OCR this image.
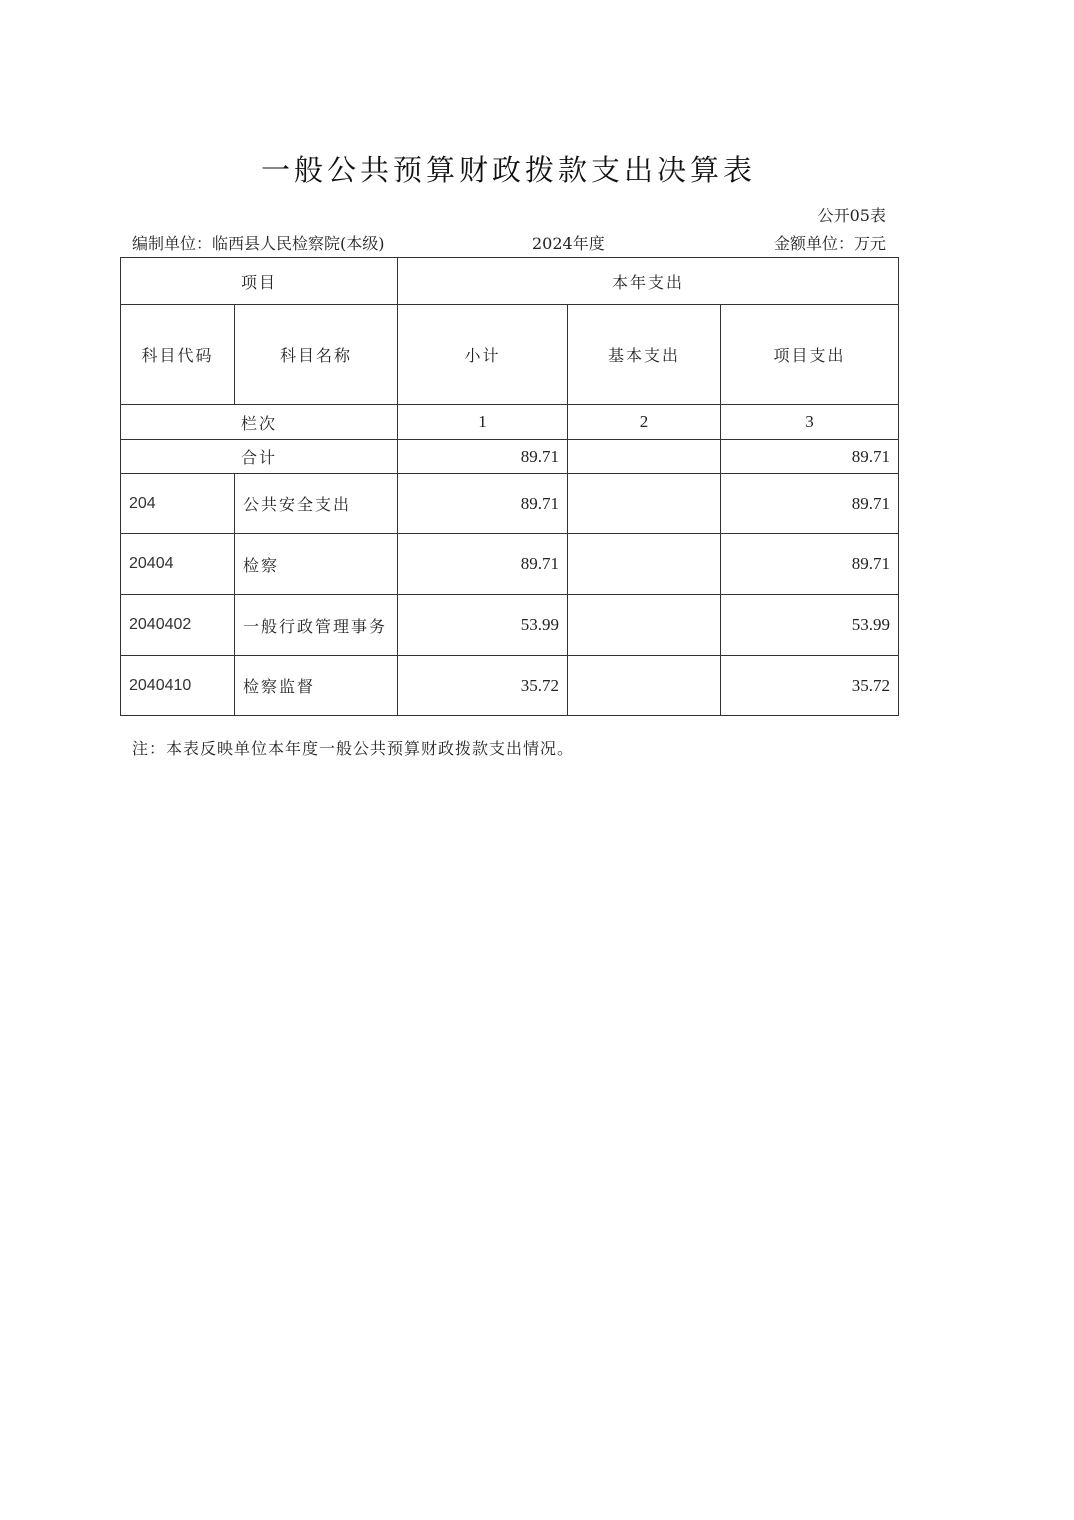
一般公共预算财政拨款支出决算表
公开05表
编制单位：临西县人民检察院(本级)	2024年度	金额单位：万元
项目		本年支出		
科目代码	科目名称	小计	基本支出	项目支出
栏次		1	2	3
合计		89.71		89.71
204	公共安全支出	89.71		89.71
20404	检察	89.71		89.71
2040402	一般行政管理事务	53.99		53.99
2040410	检察监督	35.72		35.72
注：本表反映单位本年度一般公共预算财政拨款支出情况。
